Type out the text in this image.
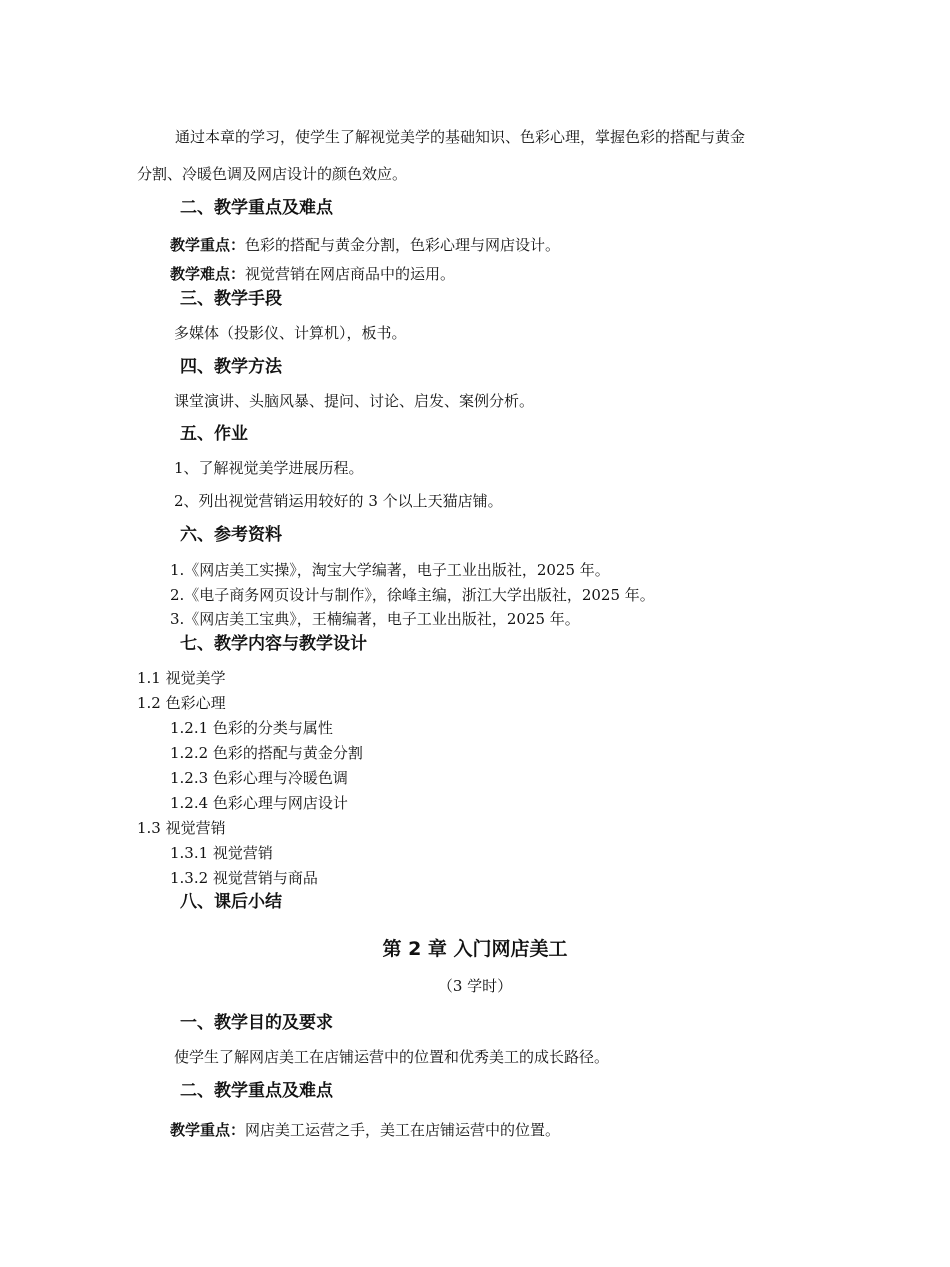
通过本章的学习，使学生了解视觉美学的基础知识、色彩心理，掌握色彩的搭配与黄金
分割、冷暖色调及网店设计的颜色效应。
二、教学重点及难点
教学重点：色彩的搭配与黄金分割，色彩心理与网店设计。
教学难点：视觉营销在网店商品中的运用。
三、教学手段
多媒体（投影仪、计算机），板书。
四、教学方法
课堂演讲、头脑风暴、提问、讨论、启发、案例分析。
五、作业
1、了解视觉美学进展历程。
2、列出视觉营销运用较好的 3 个以上天猫店铺。
六、参考资料
1.《网店美工实操》，淘宝大学编著，电子工业出版社，2025 年。
2.《电子商务网页设计与制作》，徐峰主编，浙江大学出版社，2025 年。
3.《网店美工宝典》，王楠编著，电子工业出版社，2025 年。
七、教学内容与教学设计
1.1 视觉美学
1.2 色彩心理
1.2.1 色彩的分类与属性
1.2.2 色彩的搭配与黄金分割
1.2.3 色彩心理与冷暖色调
1.2.4 色彩心理与网店设计
1.3 视觉营销
1.3.1 视觉营销
1.3.2 视觉营销与商品
八、课后小结
第 2 章 入门网店美工
（3 学时）
一、教学目的及要求
使学生了解网店美工在店铺运营中的位置和优秀美工的成长路径。
二、教学重点及难点
教学重点：网店美工运营之手，美工在店铺运营中的位置。
